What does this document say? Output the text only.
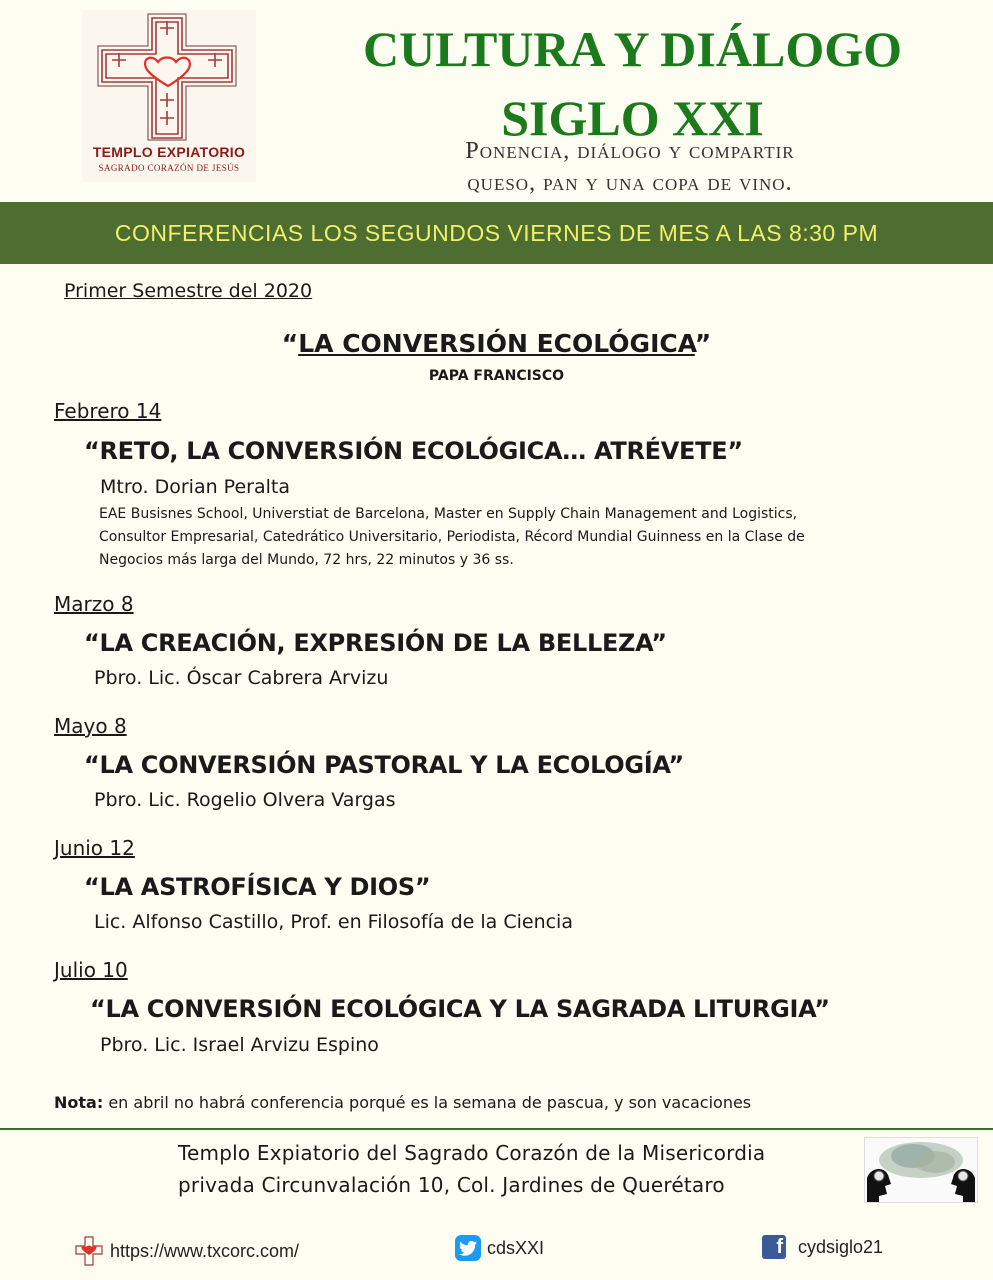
TEMPLO EXPIATORIO
SAGRADO CORAZÓN DE JESÚS
CULTURA Y DIÁLOGO
SIGLO XXI
Ponencia, diálogo y compartir
queso, pan y una copa de vino.
CONFERENCIAS LOS SEGUNDOS VIERNES DE MES A LAS 8:30 PM
Primer Semestre del 2020
“LA CONVERSIÓN ECOLÓGICA”
PAPA FRANCISCO
Febrero 14
“RETO, LA CONVERSIÓN ECOLÓGICA… ATRÉVETE”
Mtro. Dorian Peralta
EAE Busisnes School, Universtiat de Barcelona, Master en Supply Chain Management and Logistics,
Consultor Empresarial, Catedrático Universitario, Periodista, Récord Mundial Guinness en la Clase de
Negocios más larga del Mundo, 72 hrs, 22 minutos y 36 ss.
Marzo 8
“LA CREACIÓN, EXPRESIÓN DE LA BELLEZA”
Pbro. Lic. Óscar Cabrera Arvizu
Mayo 8
“LA CONVERSIÓN PASTORAL Y LA ECOLOGÍA”
Pbro. Lic. Rogelio Olvera Vargas
Junio 12
“LA ASTROFÍSICA Y DIOS”
Lic. Alfonso Castillo, Prof. en Filosofía de la Ciencia
Julio 10
“LA CONVERSIÓN ECOLÓGICA Y LA SAGRADA LITURGIA”
Pbro. Lic. Israel Arvizu Espino
Nota: en abril no habrá conferencia porqué es la semana de pascua, y son vacaciones
Templo Expiatorio del Sagrado Corazón de la Misericordia
privada Circunvalación 10, Col. Jardines de Querétaro
https://www.txcorc.com/	cdsXXI	f cydsiglo21
